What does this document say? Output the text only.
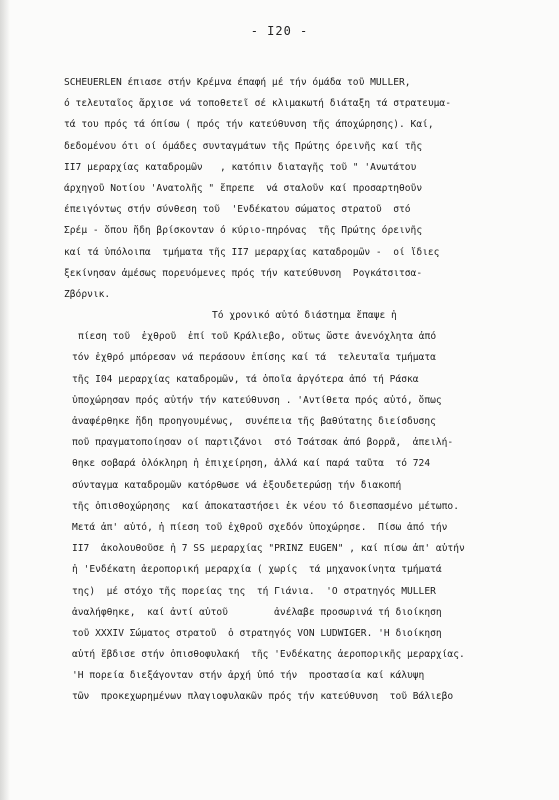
- I20 -
SCHEUERLEN έπιασε στήν Κρέμνα έπαφή μέ τήν όμάδα τοῦ MULLER,
ό τελευταῖος ἄρχισε νά τοποθετεῖ σέ κλιμακωτή διάταξη τά στρατευμα-
τά του πρός τά όπίσω ( πρός τήν κατεύθυνση τῆς άποχώρησης). Καί,
δεδομένου ότι οί όμάδες συνταγμάτων τῆς Πρώτης όρεινῆς καί τῆς
II7 μεραρχίας καταδρομῶν   , κατόπιν διαταγῆς τοῦ " 'Ανωτάτου
άρχηγοῦ Νοτίου 'Ανατολῆς " ἔπρεπε  νά σταλοῦν καί προσαρτηθοῦν
έπειγόντως στήν σύνθεση τοῦ  'Ενδέκατου σώματος στρατοῦ  στό
Σρέμ - ὅπου ἤδη βρίσκονταν ό κύριο-πηρόνας  τῆς Πρώτης όρεινῆς
καί τά ὑπόλοιπα  τμήματα τῆς II7 μεραρχίας καταδρομῶν -  οί ἴδιες
ξεκίνησαν ἀμέσως πορευόμενες πρός τήν κατεύθυνση  Ρογκάτσιτσα-
Ζβόρνικ.
Τό χρονικό αὐτό διάστημα ἔπαψε ἡ
πίεση τοῦ  ἐχθροῦ  ἐπί τοῦ Κράλιεβο, οὕτως ὥστε ἀνενόχλητα ἀπό
τόν ἐχθρό μπόρεσαν νά περάσουν ἐπίσης καί τά  τελευταῖα τμήματα
τῆς I04 μεραρχίας καταδρομῶν, τά ὁποῖα ἀργότερα ἀπό τή Ράσκα
ὑποχώρησαν πρός αὐτήν τήν κατεύθυνση . 'Αντίθετα πρός αὐτό, ὅπως
ἀναφέρθηκε ἤδη προηγουμένως,  συνέπεια τῆς βαθύτατης διείσδυσης
ποῦ πραγματοποίησαν οί παρτιζάνοι  στό Τσάτσακ ἀπό βορρᾶ,  ἀπειλή-
θηκε σοβαρά ὁλόκληρη ἡ ἐπιχείρηση, ἀλλά καί παρά ταῦτα  τό 724
σύνταγμα καταδρομῶν κατόρθωσε νά ἐξουδετερώσῃ τήν διακοπή
τῆς ὀπισθοχώρησης  καί ἀποκαταστήσει ἐκ νέου τό διεσπασμένο μέτωπο.
Μετά ἀπ' αὐτό, ἡ πίεση τοῦ ἐχθροῦ σχεδόν ὑποχώρησε.  Πίσω ἀπό τήν
II7  ἀκολουθοῦσε ἡ 7 SS μεραρχίας "PRINZ EUGEN" , καί πίσω ἀπ' αὐτήν
ἡ 'Ενδέκατη ἀεροπορική μεραρχία ( χωρίς  τά μηχανοκίνητα τμήματά
της)  μέ στόχο τῆς πορείας της  τή Γιάνια.  'Ο στρατηγός MULLER
ἀναλήφθηκε,  καί ἀντί αὐτοῦ        ἀνέλαβε προσωρινά τή διοίκηση
τοῦ XXXIV Σώματος στρατοῦ  ὁ στρατηγός VON LUDWIGER. 'Η διοίκηση
αὐτή ἔβδισε στήν ὀπισθοφυλακή  τῆς 'Ενδέκατης ἀεροπορικῆς μεραρχίας.
'Η πορεία διεξάγονταν στήν ἀρχή ὑπό τήν  προστασία καί κάλυψη
τῶν  προκεχωρημένων πλαγιοφυλακῶν πρός τήν κατεύθυνση  τοῦ Βάλιεβο
